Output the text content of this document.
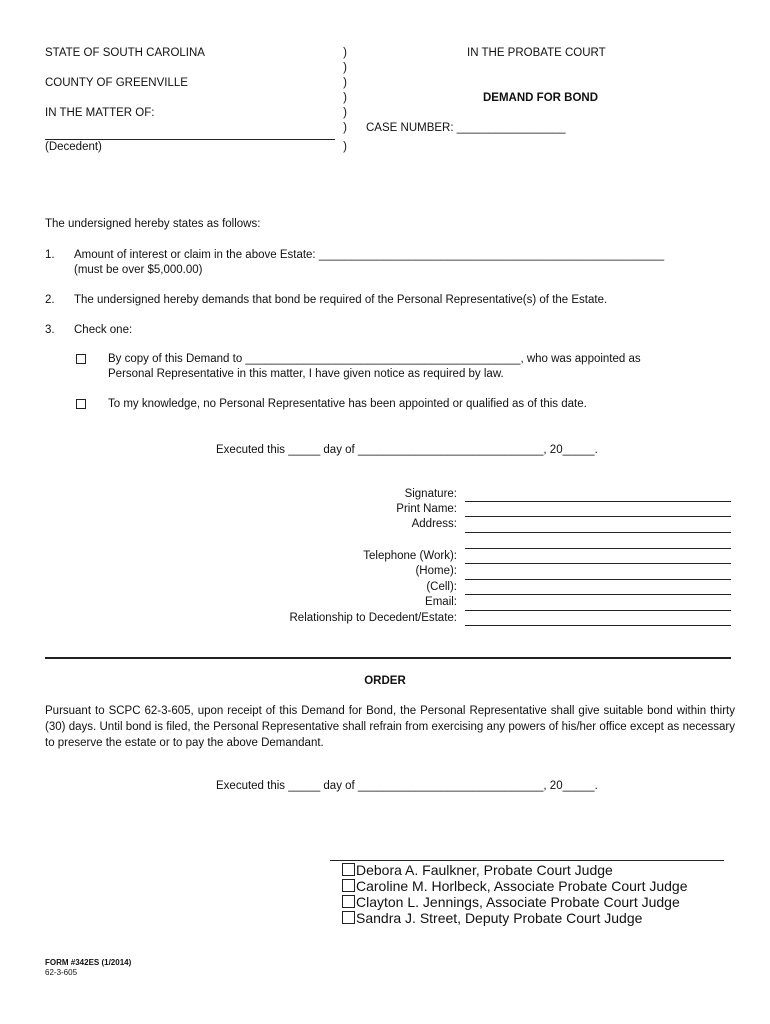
STATE OF SOUTH CAROLINA
COUNTY OF GREENVILLE
IN THE MATTER OF:
(Decedent)
)
)
)
)
)
)
)
IN THE PROBATE COURT
DEMAND FOR BOND
CASE NUMBER: _________________
The undersigned hereby states as follows:
1. Amount of interest or claim in the above Estate: ______________________________________________________
(must be over $5,000.00)
2. The undersigned hereby demands that bond be required of the Personal Representative(s) of the Estate.
3. Check one:
By copy of this Demand to ___________________________________________, who was appointed as
Personal Representative in this matter, I have given notice as required by law.
To my knowledge, no Personal Representative has been appointed or qualified as of this date.
Executed this _____ day of _____________________________, 20_____.
Signature:
Print Name:
Address:
Telephone (Work):
(Home):
(Cell):
Email:
Relationship to Decedent/Estate:
ORDER
Pursuant to SCPC 62-3-605, upon receipt of this Demand for Bond, the Personal Representative shall give suitable bond within thirty (30) days. Until bond is filed, the Personal Representative shall refrain from exercising any powers of his/her office except as necessary to preserve the estate or to pay the above Demandant.
Executed this _____ day of _____________________________, 20_____.
Debora A. Faulkner, Probate Court Judge
Caroline M. Horlbeck, Associate Probate Court Judge
Clayton L. Jennings, Associate Probate Court Judge
Sandra J. Street, Deputy Probate Court Judge
FORM #342ES (1/2014)
62-3-605
